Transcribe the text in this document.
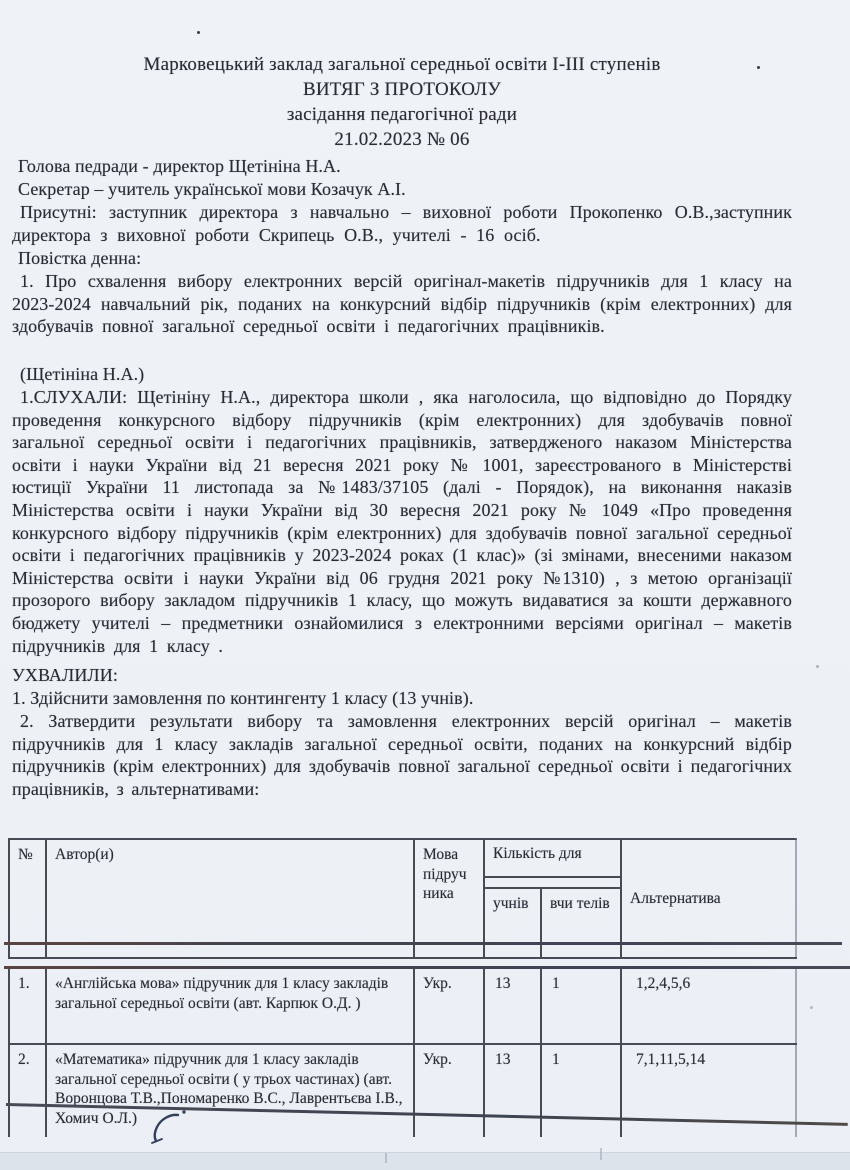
Марковецький заклад загальної середньої освіти І-ІІІ ступенів
ВИТЯГ З ПРОТОКОЛУ
засідання педагогічної ради
21.02.2023 № 06

Голова педради - директор Щетініна Н.А.

Секретар – учитель української мови Козачук А.І.

Присутні: заступник директора з навчально – виховної роботи Прокопенко О.В.,заступник директора з виховної роботи Скрипець О.В., учителі - 16 осіб.

Повістка денна:

1. Про схвалення вибору електронних версій оригінал-макетів підручників для 1 класу на 2023-2024 навчальний рік, поданих на конкурсний відбір підручників (крім електронних) для здобувачів повної загальної середньої освіти і педагогічних працівників.

(Щетініна Н.А.)

1.СЛУХАЛИ: Щетініну Н.А., директора школи , яка наголосила, що відповідно до Порядку проведення конкурсного відбору підручників (крім електронних) для здобувачів повної загальної середньої освіти і педагогічних працівників, затвердженого наказом Міністерства освіти і науки України від 21 вересня 2021 року № 1001, зареєстрованого в Міністерстві юстиції України 11 листопада за №1483/37105 (далі - Порядок), на виконання наказів Міністерства освіти і науки України від 30 вересня 2021 року № 1049 «Про проведення конкурсного відбору підручників (крім електронних) для здобувачів повної загальної середньої освіти і педагогічних працівників у 2023-2024 роках (1 клас)» (зі змінами, внесеними наказом Міністерства освіти і науки України від 06 грудня 2021 року №1310) , з метою організації прозорого вибору закладом підручників 1 класу, що можуть видаватися за кошти державного бюджету учителі – предметники ознайомилися з електронними версіями оригінал – макетів підручників для 1 класу .

УХВАЛИЛИ:

1. Здійснити замовлення по контингенту 1 класу (13 учнів).

2. Затвердити результати вибору та замовлення електронних версій оригінал – макетів підручників для 1 класу закладів загальної середньої освіти, поданих на конкурсний відбір підручників (крім електронних) для здобувачів повної загальної середньої освіти і педагогічних працівників, з альтернативами:

№	Автор(и)	Мова підруч ника	Кількість для		Альтернатива

			учнів	вчи телів	
1.	«Англійська мова» підручник для 1 класу закладів загальної середньої освіти (авт. Карпюк О.Д. )	Укр.	13	1	1,2,4,5,6
2.	«Математика» підручник для 1 класу закладів загальної середньої освіти ( у трьох частинах) (авт. Воронцова Т.В.,Пономаренко В.С., Лаврентьєва І.В., Хомич О.Л.)	Укр.	13	1	7,1,11,5,14
